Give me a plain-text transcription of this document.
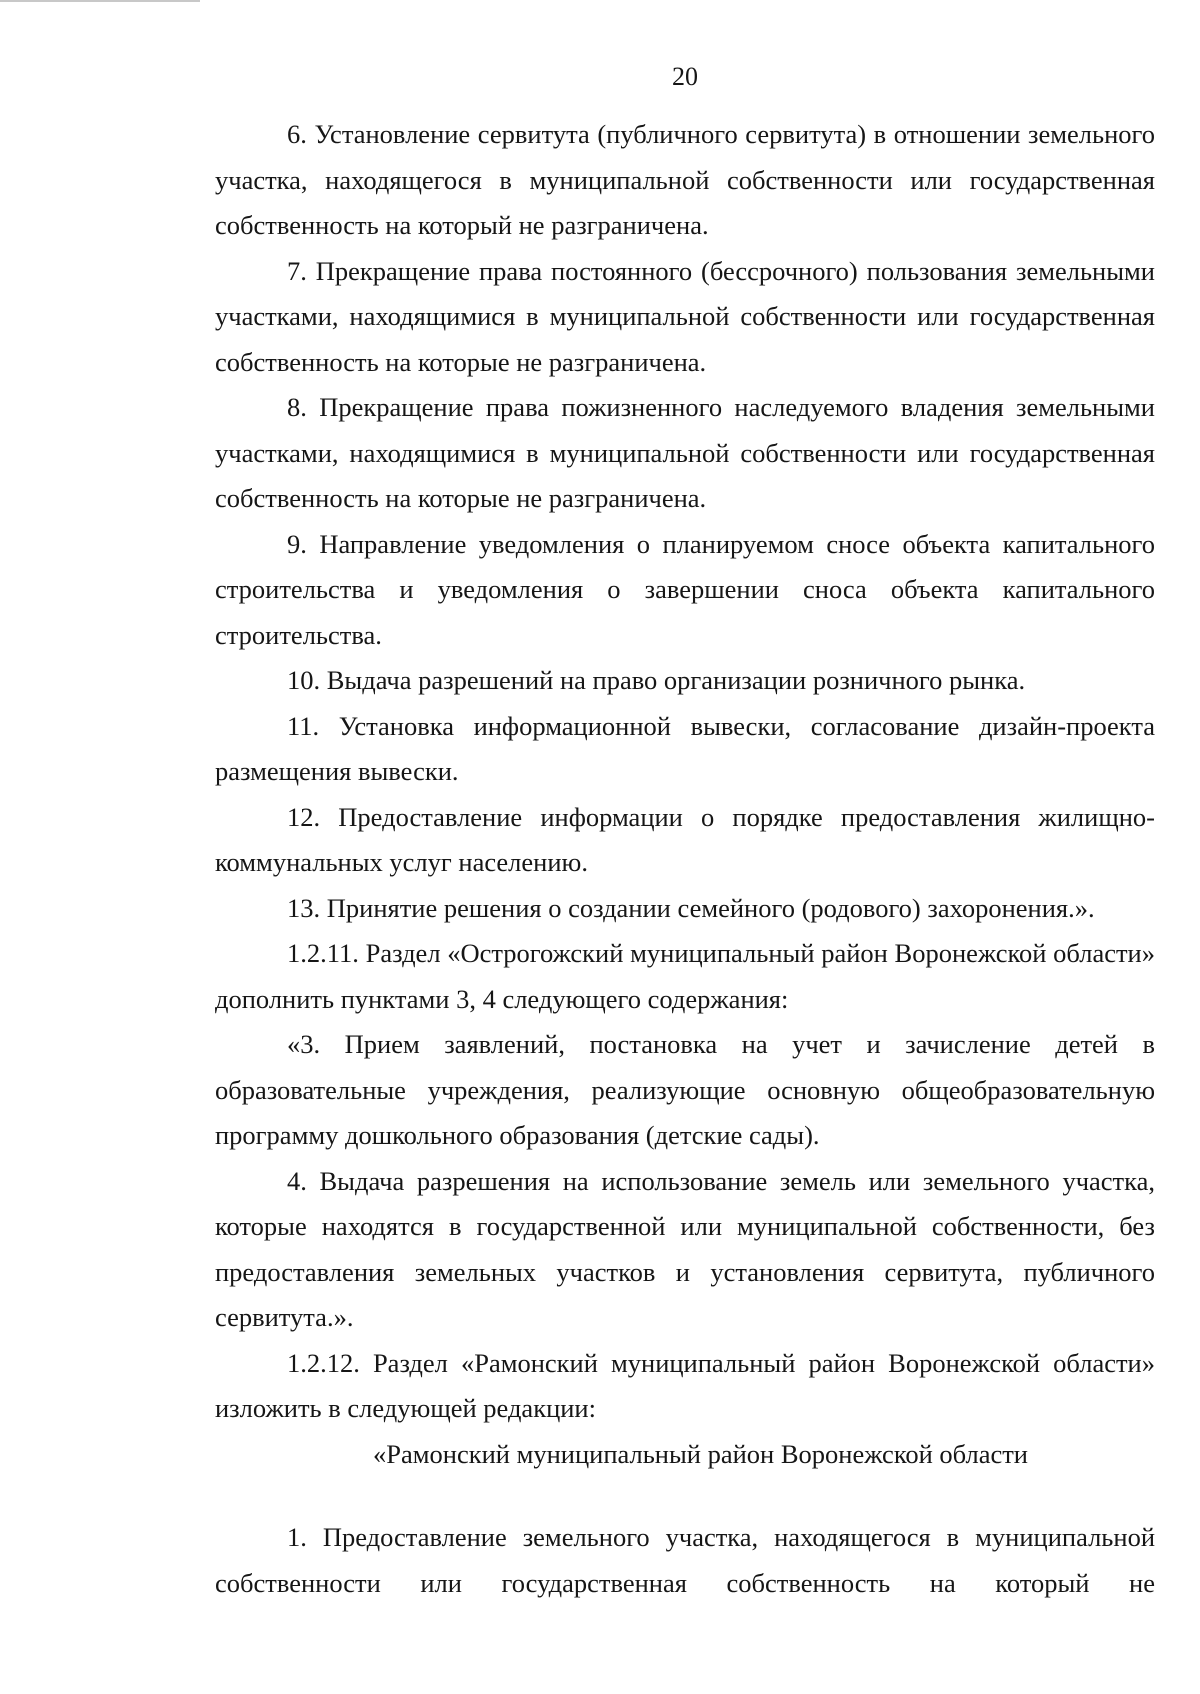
20

6. Установление сервитута (публичного сервитута) в отношении земельного участка, находящегося в муниципальной собственности или государственная собственность на который не разграничена.

7. Прекращение права постоянного (бессрочного) пользования земельными участками, находящимися в муниципальной собственности или государственная собственность на которые не разграничена.

8. Прекращение права пожизненного наследуемого владения земельными участками, находящимися в муниципальной собственности или государственная собственность на которые не разграничена.

9. Направление уведомления о планируемом сносе объекта капитального строительства и уведомления о завершении сноса объекта капитального строительства.

10. Выдача разрешений на право организации розничного рынка.

11. Установка информационной вывески, согласование дизайн-проекта размещения вывески.

12. Предоставление информации о порядке предоставления жилищно-коммунальных услуг населению.

13. Принятие решения о создании семейного (родового) захоронения.».

1.2.11. Раздел «Острогожский муниципальный район Воронежской области» дополнить пунктами 3, 4 следующего содержания:

«3. Прием заявлений, постановка на учет и зачисление детей в образовательные учреждения, реализующие основную общеобразовательную программу дошкольного образования (детские сады).

4. Выдача разрешения на использование земель или земельного участка, которые находятся в государственной или муниципальной собственности, без предоставления земельных участков и установления сервитута, публичного сервитута.».

1.2.12. Раздел «Рамонский муниципальный район Воронежской области» изложить в следующей редакции:

«Рамонский муниципальный район Воронежской области

1. Предоставление земельного участка, находящегося в муниципальной собственности или государственная собственность на который не
